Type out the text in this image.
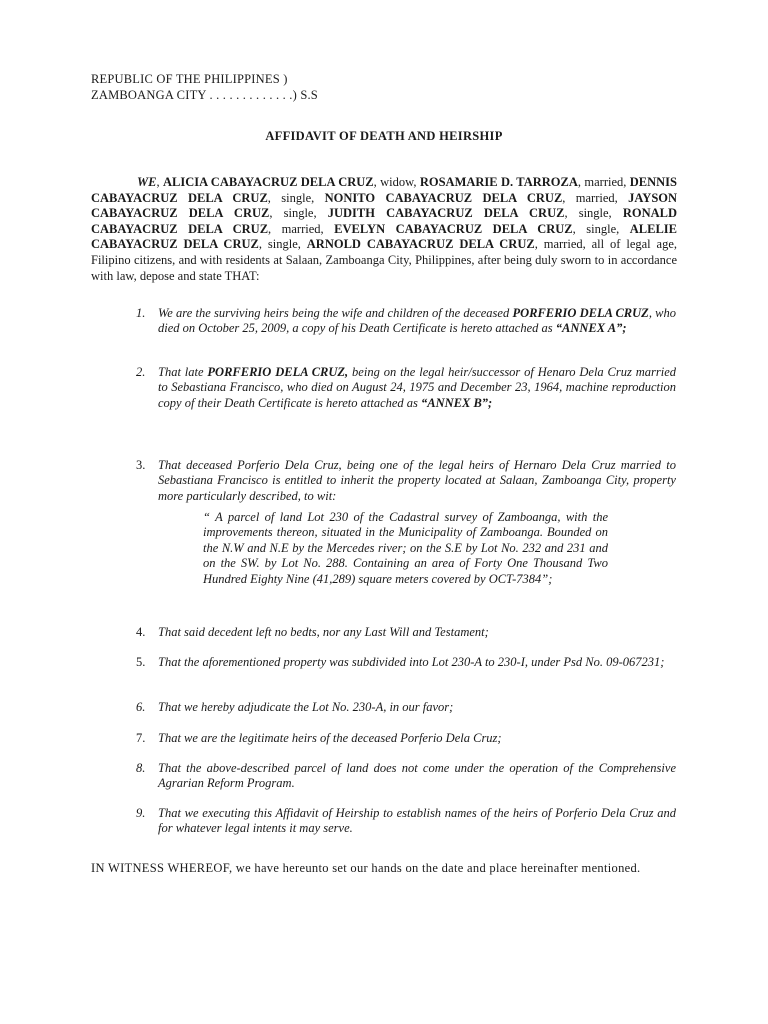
REPUBLIC OF THE PHILIPPINES )
ZAMBOANGA CITY . . . . . . . . . . . . .) S.S
AFFIDAVIT OF DEATH AND HEIRSHIP

WE, ALICIA CABAYACRUZ DELA CRUZ, widow, ROSAMARIE D. TARROZA, married, DENNIS CABAYACRUZ DELA CRUZ, single, NONITO CABAYACRUZ DELA CRUZ, married, JAYSON CABAYACRUZ DELA CRUZ, single, JUDITH CABAYACRUZ DELA CRUZ, single, RONALD CABAYACRUZ DELA CRUZ, married, EVELYN CABAYACRUZ DELA CRUZ, single, ALELIE CABAYACRUZ DELA CRUZ, single, ARNOLD CABAYACRUZ DELA CRUZ, married, all of legal age, Filipino citizens, and with residents at Salaan, Zamboanga City, Philippines, after being duly sworn to in accordance with law, depose and state THAT:

1. We are the surviving heirs being the wife and children of the deceased PORFERIO DELA CRUZ, who died on October 25, 2009, a copy of his Death Certificate is hereto attached as “ANNEX A”;

2. That late PORFERIO DELA CRUZ, being on the legal heir/successor of Henaro Dela Cruz married to Sebastiana Francisco, who died on August 24, 1975 and December 23, 1964, machine reproduction copy of their Death Certificate is hereto attached as “ANNEX B”;

3. That deceased Porferio Dela Cruz, being one of the legal heirs of Hernaro Dela Cruz married to Sebastiana Francisco is entitled to inherit the property located at Salaan, Zamboanga City, property more particularly described, to wit:

“ A parcel of land Lot 230 of the Cadastral survey of Zamboanga, with the improvements thereon, situated in the Municipality of Zamboanga. Bounded on the N.W and N.E by the Mercedes river; on the S.E by Lot No. 232 and 231 and on the SW. by Lot No. 288. Containing an area of Forty One Thousand Two Hundred Eighty Nine (41,289) square meters covered by OCT-7384”;

4. That said decedent left no bedts, nor any Last Will and Testament;

5. That the aforementioned property was subdivided into Lot 230-A to 230-I, under Psd No. 09-067231;

6. That we hereby adjudicate the Lot No. 230-A, in our favor;

7. That we are the legitimate heirs of the deceased Porferio Dela Cruz;

8. That the above-described parcel of land does not come under the operation of the Comprehensive Agrarian Reform Program.

9. That we executing this Affidavit of Heirship to establish names of the heirs of Porferio Dela Cruz and for whatever legal intents it may serve.

IN WITNESS WHEREOF, we have hereunto set our hands on the date and place hereinafter mentioned.
